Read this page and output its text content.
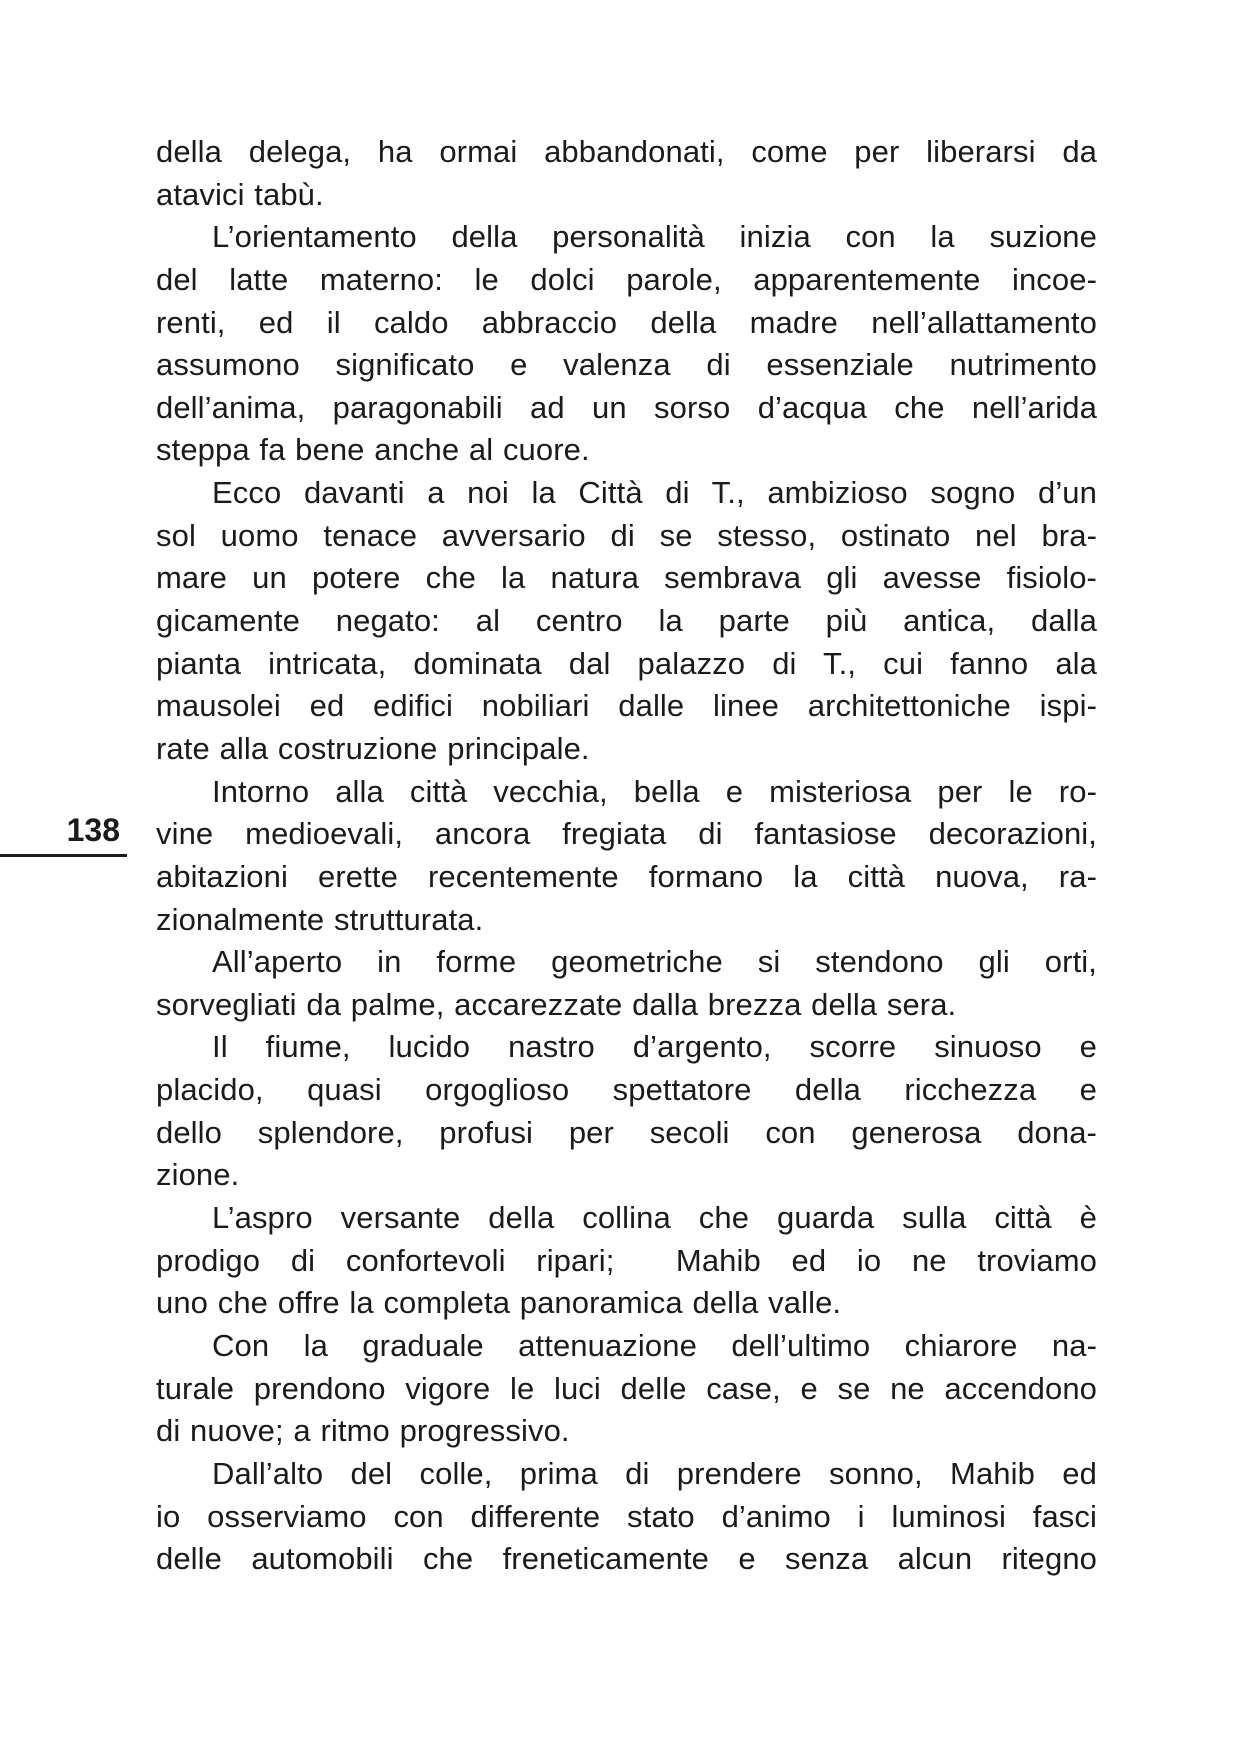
138
della delega, ha ormai abbandonati, come per liberarsi da
atavici tabù.
L’orientamento della personalità inizia con la suzione
del latte materno: le dolci parole, apparentemente incoe-
renti, ed il caldo abbraccio della madre nell’allattamento
assumono significato e valenza di essenziale nutrimento
dell’anima, paragonabili ad un sorso d’acqua che nell’arida
steppa fa bene anche al cuore.
Ecco davanti a noi la Città di T., ambizioso sogno d’un
sol uomo tenace avversario di se stesso, ostinato nel bra-
mare un potere che la natura sembrava gli avesse fisiolo-
gicamente negato: al centro la parte più antica, dalla
pianta intricata, dominata dal palazzo di T., cui fanno ala
mausolei ed edifici nobiliari dalle linee architettoniche ispi-
rate alla costruzione principale.
Intorno alla città vecchia, bella e misteriosa per le ro-
vine medioevali, ancora fregiata di fantasiose decorazioni,
abitazioni erette recentemente formano la città nuova, ra-
zionalmente strutturata.
All’aperto in forme geometriche si stendono gli orti,
sorvegliati da palme, accarezzate dalla brezza della sera.
Il fiume, lucido nastro d’argento, scorre sinuoso e
placido, quasi orgoglioso spettatore della ricchezza e
dello splendore, profusi per secoli con generosa dona-
zione.
L’aspro versante della collina che guarda sulla città è
prodigo di confortevoli ripari;  Mahib ed io ne troviamo
uno che offre la completa panoramica della valle.
Con la graduale attenuazione dell’ultimo chiarore na-
turale prendono vigore le luci delle case, e se ne accendono
di nuove; a ritmo progressivo.
Dall’alto del colle, prima di prendere sonno, Mahib ed
io osserviamo con differente stato d’animo i luminosi fasci
delle automobili che freneticamente e senza alcun ritegno
